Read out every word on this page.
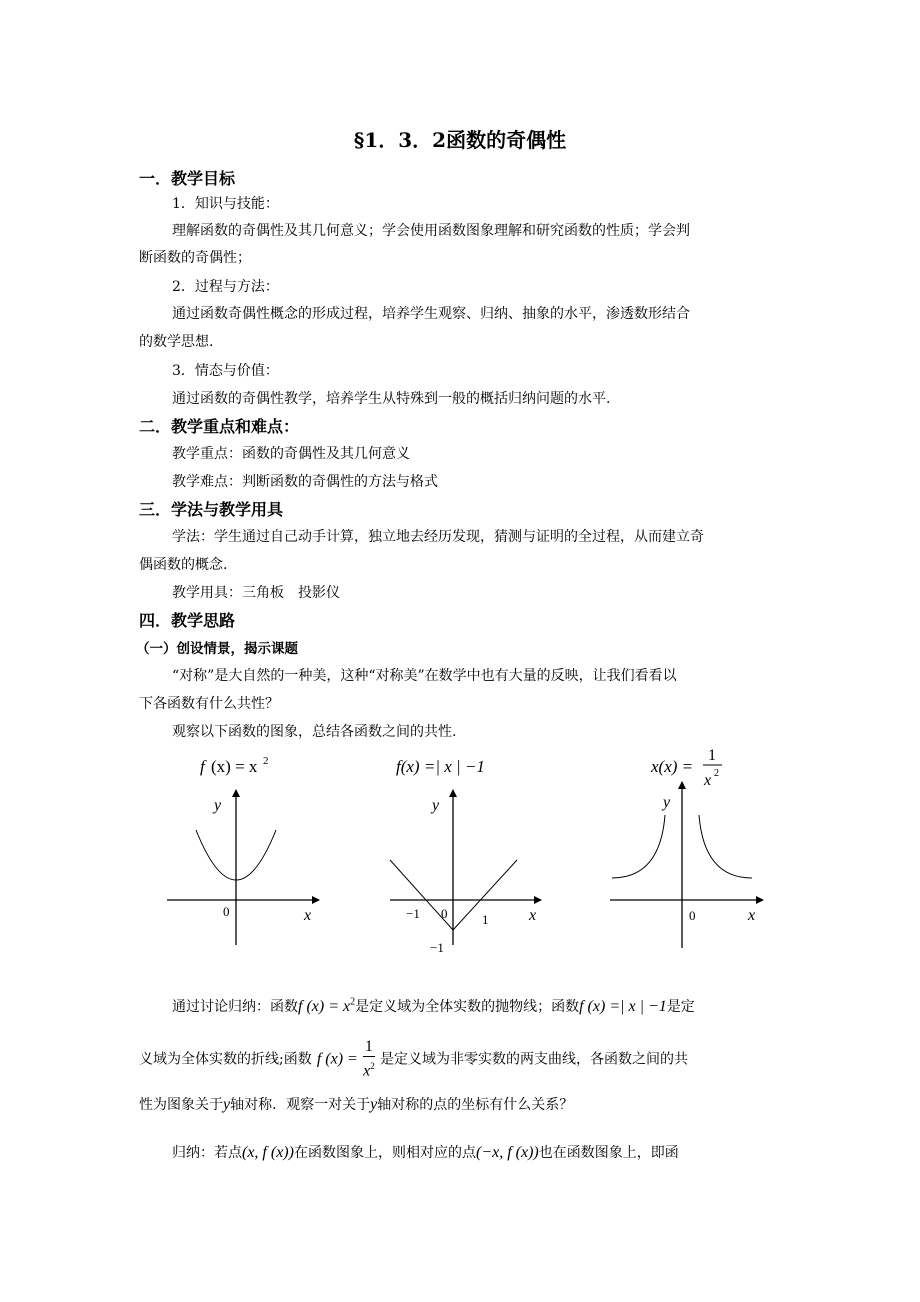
§1．3．2函数的奇偶性
一．教学目标
1．知识与技能：
理解函数的奇偶性及其几何意义；学会使用函数图象理解和研究函数的性质；学会判
断函数的奇偶性；
2．过程与方法：
通过函数奇偶性概念的形成过程，培养学生观察、归纳、抽象的水平，渗透数形结合
的数学思想.
3．情态与价值：
通过函数的奇偶性教学，培养学生从特殊到一般的概括归纳问题的水平.
二．教学重点和难点：
教学重点：函数的奇偶性及其几何意义
教学难点：判断函数的奇偶性的方法与格式
三．学法与教学用具
学法：学生通过自己动手计算，独立地去经历发现，猜测与证明的全过程，从而建立奇
偶函数的概念.
教学用具：三角板　投影仪
四．教学思路
（一）创设情景，揭示课题
“对称”是大自然的一种美，这种“对称美”在数学中也有大量的反映，让我们看看以
下各函数有什么共性？
观察以下函数的图象，总结各函数之间的共性.
f (x) = x 2
y
x
0
f(x) =| x | −1
y
x
0
−1	1
−1
x(x) =
1
x 2
y
x
0
通过讨论归纳：函数f $(x) = x^2$是定义域为全体实数的抛物线；函数f (x) =| x | −1是定
义域为全体实数的折线;函数 f $(x) = \frac{1}{x^2}$ 是定义域为非零实数的两支曲线，各函数之间的共
性为图象关于y轴对称．观察一对关于y轴对称的点的坐标有什么关系？
归纳：若点(x, f (x))在函数图象上，则相对应的点(−x, f (x))也在函数图象上，即函
